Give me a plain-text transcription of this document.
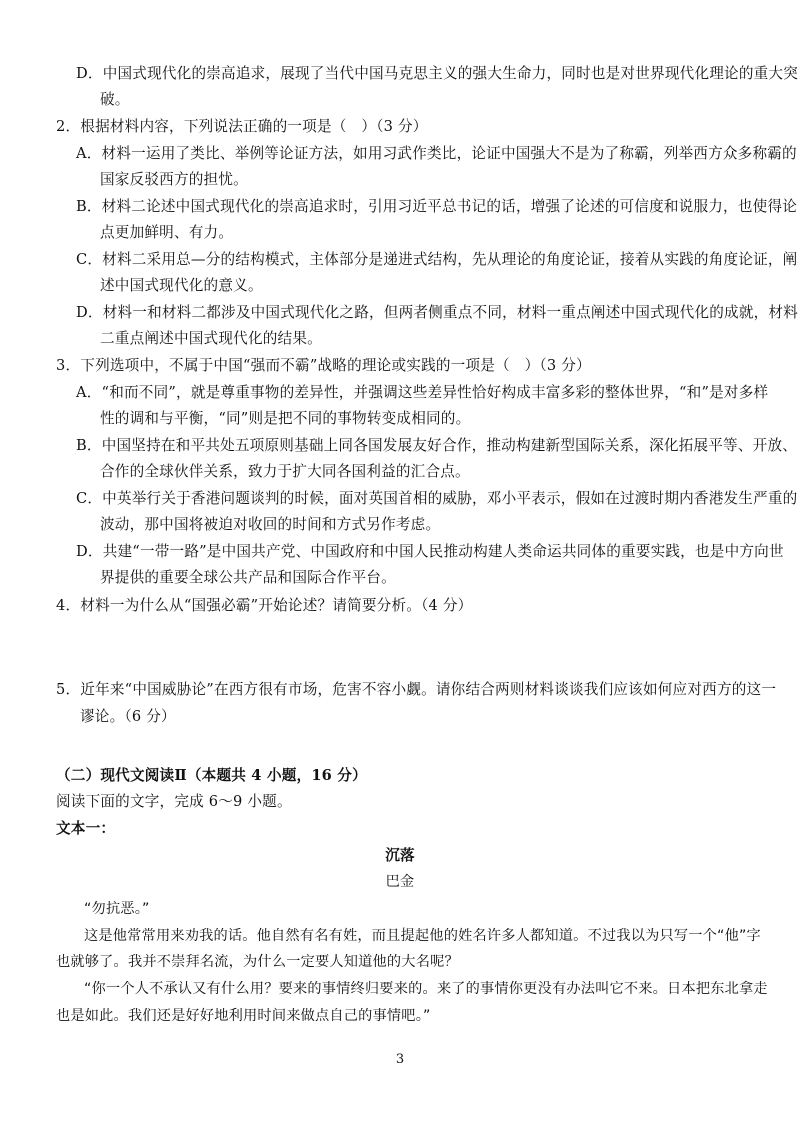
D．中国式现代化的崇高追求，展现了当代中国马克思主义的强大生命力，同时也是对世界现代化理论的重大突
破。
2．根据材料内容，下列说法正确的一项是（　）（3 分）
A．材料一运用了类比、举例等论证方法，如用习武作类比，论证中国强大不是为了称霸，列举西方众多称霸的
国家反驳西方的担忧。
B．材料二论述中国式现代化的崇高追求时，引用习近平总书记的话，增强了论述的可信度和说服力，也使得论
点更加鲜明、有力。
C．材料二采用总—分的结构模式，主体部分是递进式结构，先从理论的角度论证，接着从实践的角度论证，阐
述中国式现代化的意义。
D．材料一和材料二都涉及中国式现代化之路，但两者侧重点不同，材料一重点阐述中国式现代化的成就，材料
二重点阐述中国式现代化的结果。
3．下列选项中，不属于中国“强而不霸”战略的理论或实践的一项是（　）（3 分）
A．“和而不同”，就是尊重事物的差异性，并强调这些差异性恰好构成丰富多彩的整体世界，“和”是对多样
性的调和与平衡，“同”则是把不同的事物转变成相同的。
B．中国坚持在和平共处五项原则基础上同各国发展友好合作，推动构建新型国际关系，深化拓展平等、开放、
合作的全球伙伴关系，致力于扩大同各国利益的汇合点。
C．中英举行关于香港问题谈判的时候，面对英国首相的威胁，邓小平表示，假如在过渡时期内香港发生严重的
波动，那中国将被迫对收回的时间和方式另作考虑。
D．共建“一带一路”是中国共产党、中国政府和中国人民推动构建人类命运共同体的重要实践，也是中方向世
界提供的重要全球公共产品和国际合作平台。
4．材料一为什么从“国强必霸”开始论述？请简要分析。（4 分）
5．近年来“中国威胁论”在西方很有市场，危害不容小觑。请你结合两则材料谈谈我们应该如何应对西方的这一
谬论。（6 分）
（二）现代文阅读Ⅱ（本题共 4 小题，16 分）
阅读下面的文字，完成 6～9 小题。
文本一：
沉落
巴金
“勿抗恶。”
这是他常常用来劝我的话。他自然有名有姓，而且提起他的姓名许多人都知道。不过我以为只写一个“他”字
也就够了。我并不崇拜名流，为什么一定要人知道他的大名呢？
“你一个人不承认又有什么用？要来的事情终归要来的。来了的事情你更没有办法叫它不来。日本把东北拿走
也是如此。我们还是好好地利用时间来做点自己的事情吧。”
3
